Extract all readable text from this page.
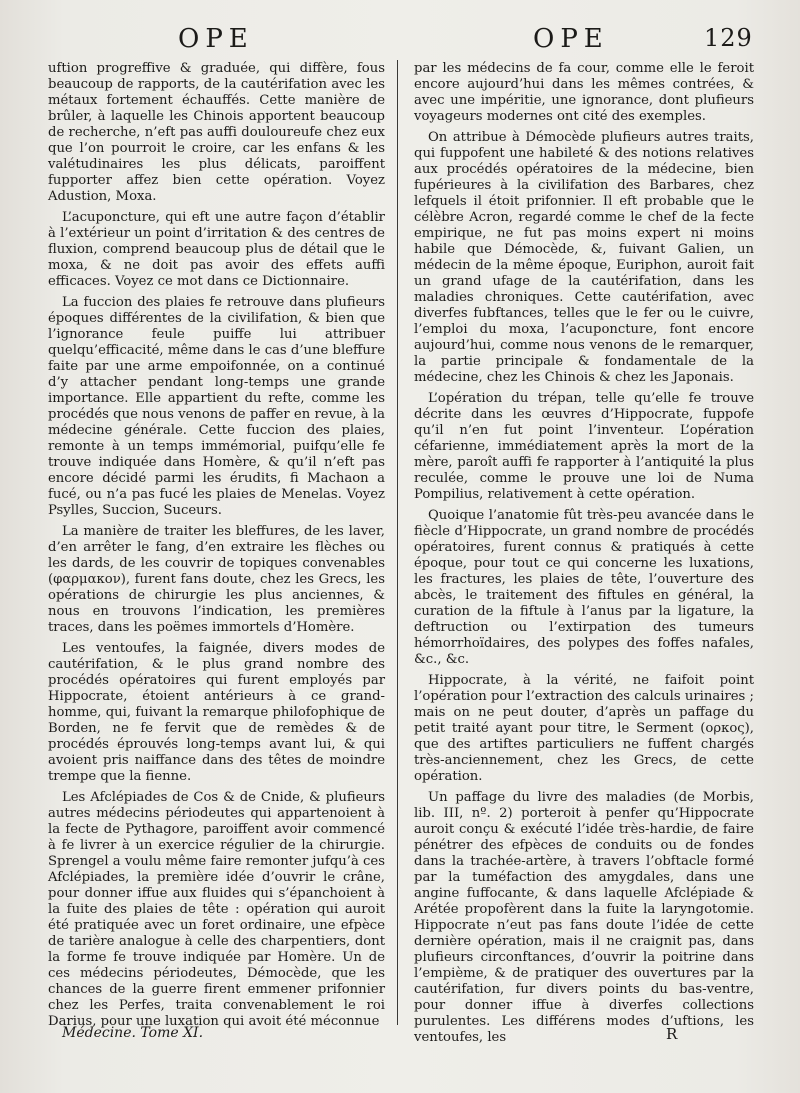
OPE	OPE	129

uftion progreffive & graduée, qui diffère, fous beaucoup de rapports, de la cautérifation avec les métaux fortement échauffés. Cette manière de brûler, à laquelle les Chinois apportent beaucoup de recherche, n’eft pas auffi douloureufe chez eux que l’on pourroit le croire, car les enfans & les valétudinaires les plus délicats, paroiffent fupporter affez bien cette opération. Voyez Adustion, Moxa.

L’acuponcture, qui eft une autre façon d’établir à l’extérieur un point d’irritation & des centres de fluxion, comprend beaucoup plus de détail que le moxa, & ne doit pas avoir des effets auffi efficaces. Voyez ce mot dans ce Dictionnaire.

La fuccion des plaies fe retrouve dans plufieurs époques différentes de la civilifation, & bien que l’ignorance feule puiffe lui attribuer quelqu’efficacité, même dans le cas d’une bleffure faite par une arme empoifonnée, on a continué d’y attacher pendant long-temps une grande importance. Elle appartient du refte, comme les procédés que nous venons de paffer en revue, à la médecine générale. Cette fuccion des plaies, remonte à un temps immémorial, puifqu’elle fe trouve indiquée dans Homère, & qu’il n’eft pas encore décidé parmi les érudits, fi Machaon a fucé, ou n’a pas fucé les plaies de Menelas. Voyez Psylles, Succion, Suceurs.

La manière de traiter les bleffures, de les laver, d’en arrêter le fang, d’en extraire les flèches ou les dards, de les couvrir de topiques convenables (φαρμακον), furent fans doute, chez les Grecs, les opérations de chirurgie les plus anciennes, & nous en trouvons l’indication, les premières traces, dans les poëmes immortels d’Homère.

Les ventoufes, la faignée, divers modes de cautérifation, & le plus grand nombre des procédés opératoires qui furent employés par Hippocrate, étoient antérieurs à ce grand-homme, qui, fuivant la remarque philofophique de Borden, ne fe fervit que de remèdes & de procédés éprouvés long-temps avant lui, & qui avoient pris naiffance dans des têtes de moindre trempe que la fienne.

Les Afclépiades de Cos & de Cnide, & plufieurs autres médecins périodeutes qui appartenoient à la fecte de Pythagore, paroiffent avoir commencé à fe livrer à un exercice régulier de la chirurgie. Sprengel a voulu même faire remonter jufqu’à ces Afclépiades, la première idée d’ouvrir le crâne, pour donner iffue aux fluides qui s’épanchoient à la fuite des plaies de tête : opération qui auroit été pratiquée avec un foret ordinaire, une efpèce de tarière analogue à celle des charpentiers, dont la forme fe trouve indiquée par Homère. Un de ces médecins périodeutes, Démocède, que les chances de la guerre firent emmener prifonnier chez les Perfes, traita convenablement le roi Darius, pour une luxation qui avoit été méconnue

par les médecins de fa cour, comme elle le feroit encore aujourd’hui dans les mêmes contrées, & avec une impéritie, une ignorance, dont plufieurs voyageurs modernes ont cité des exemples.

On attribue à Démocède plufieurs autres traits, qui fuppofent une habileté & des notions relatives aux procédés opératoires de la médecine, bien fupérieures à la civilifation des Barbares, chez lefquels il étoit prifonnier. Il eft probable que le célèbre Acron, regardé comme le chef de la fecte empirique, ne fut pas moins expert ni moins habile que Démocède, &, fuivant Galien, un médecin de la même époque, Euriphon, auroit fait un grand ufage de la cautérifation, dans les maladies chroniques. Cette cautérifation, avec diverfes fubftances, telles que le fer ou le cuivre, l’emploi du moxa, l’acuponcture, font encore aujourd’hui, comme nous venons de le remarquer, la partie principale & fondamentale de la médecine, chez les Chinois & chez les Japonais.

L’opération du trépan, telle qu’elle fe trouve décrite dans les œuvres d’Hippocrate, fuppofe qu’il n’en fut point l’inventeur. L’opération céfarienne, immédiatement après la mort de la mère, paroît auffi fe rapporter à l’antiquité la plus reculée, comme le prouve une loi de Numa Pompilius, relativement à cette opération.

Quoique l’anatomie fût très-peu avancée dans le fiècle d’Hippocrate, un grand nombre de procédés opératoires, furent connus & pratiqués à cette époque, pour tout ce qui concerne les luxations, les fractures, les plaies de tête, l’ouverture des abcès, le traitement des fiftules en général, la curation de la fiftule à l’anus par la ligature, la deftruction ou l’extirpation des tumeurs hémorrhoïdaires, des polypes des foffes nafales, &c., &c.

Hippocrate, à la vérité, ne faifoit point l’opération pour l’extraction des calculs urinaires ; mais on ne peut douter, d’après un paffage du petit traité ayant pour titre, le Serment (ορκος), que des artiftes particuliers ne fuffent chargés très-anciennement, chez les Grecs, de cette opération.

Un paffage du livre des maladies (de Morbis, lib. III, nº. 2) porteroit à penfer qu’Hippocrate auroit conçu & exécuté l’idée très-hardie, de faire pénétrer des efpèces de conduits ou de fondes dans la trachée-artère, à travers l’obftacle formé par la tuméfaction des amygdales, dans une angine fuffocante, & dans laquelle Afclépiade & Arétée propofèrent dans la fuite la laryngotomie. Hippocrate n’eut pas fans doute l’idée de cette dernière opération, mais il ne craignit pas, dans plufieurs circonftances, d’ouvrir la poitrine dans l’empième, & de pratiquer des ouvertures par la cautérifation, fur divers points du bas-ventre, pour donner iffue à diverfes collections purulentes. Les différens modes d’uftions, les ventoufes, les

Médecine. Tome XI.	R
